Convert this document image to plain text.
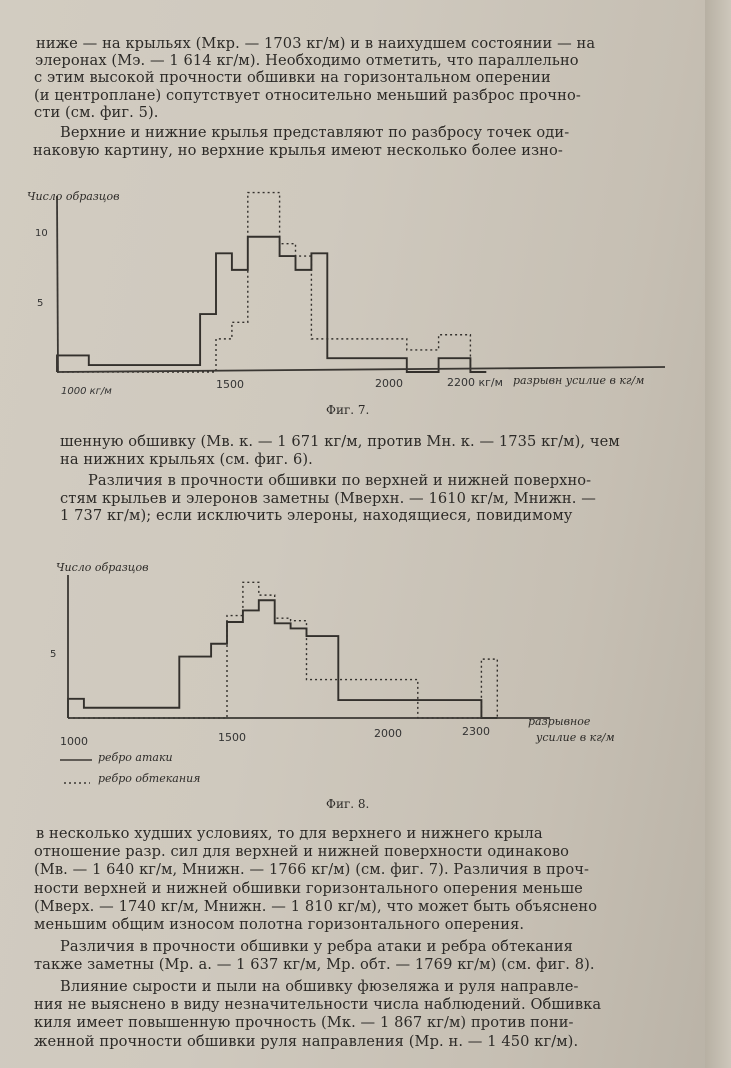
ниже — на крыльях (Mкр. — 1703 кг/м) и в наихудшем состоянии — на
элеронах (Mэ. — 1 614 кг/м). Необходимо отметить, что параллельно
с этим высокой прочности обшивки на горизонтальном оперении
(и центроплане) сопутствует относительно меньший разброс прочно-
сти (см. фиг. 5).
Верхние и нижние крылья представляют по разбросу точек оди-
наковую картину, но верхние крылья имеют несколько более изно-
Число образцов
10
5
1000 кг/м
1500	2000	2200 кг/м разрывн усилие в кг/м
Фиг. 7.
шенную обшивку (Mв. к. — 1 671 кг/м, против Mн. к. — 1735 кг/м), чем
на нижних крыльях (см. фиг. 6).
Различия в прочности обшивки по верхней и нижней поверхно-
стям крыльев и элеронов заметны (Mверхн. — 1610 кг/м, Mнижн. —
1 737 кг/м); если исключить элероны, находящиеся, повидимому
Число образцов
5
1000	1500	2000	2300
разрывное
усилие в кг/м
ребро атаки
ребро обтекания
Фиг. 8.
в несколько худших условиях, то для верхнего и нижнего крыла
отношение разр. сил для верхней и нижней поверхности одинаково
(Mв. — 1 640 кг/м, Mнижн. — 1766 кг/м) (см. фиг. 7). Различия в проч-
ности верхней и нижней обшивки горизонтального оперения меньше
(Mверх. — 1740 кг/м, Mнижн. — 1 810 кг/м), что может быть объяснено
меньшим общим износом полотна горизонтального оперения.
Различия в прочности обшивки у ребра атаки и ребра обтекания
также заметны (Mр. а. — 1 637 кг/м, Mр. обт. — 1769 кг/м) (см. фиг. 8).
Влияние сырости и пыли на обшивку фюзеляжа и руля направле-
ния не выяснено в виду незначительности числа наблюдений. Обшивка
киля имеет повышенную прочность (Mк. — 1 867 кг/м) против пони-
женной прочности обшивки руля направления (Mр. н. — 1 450 кг/м).
